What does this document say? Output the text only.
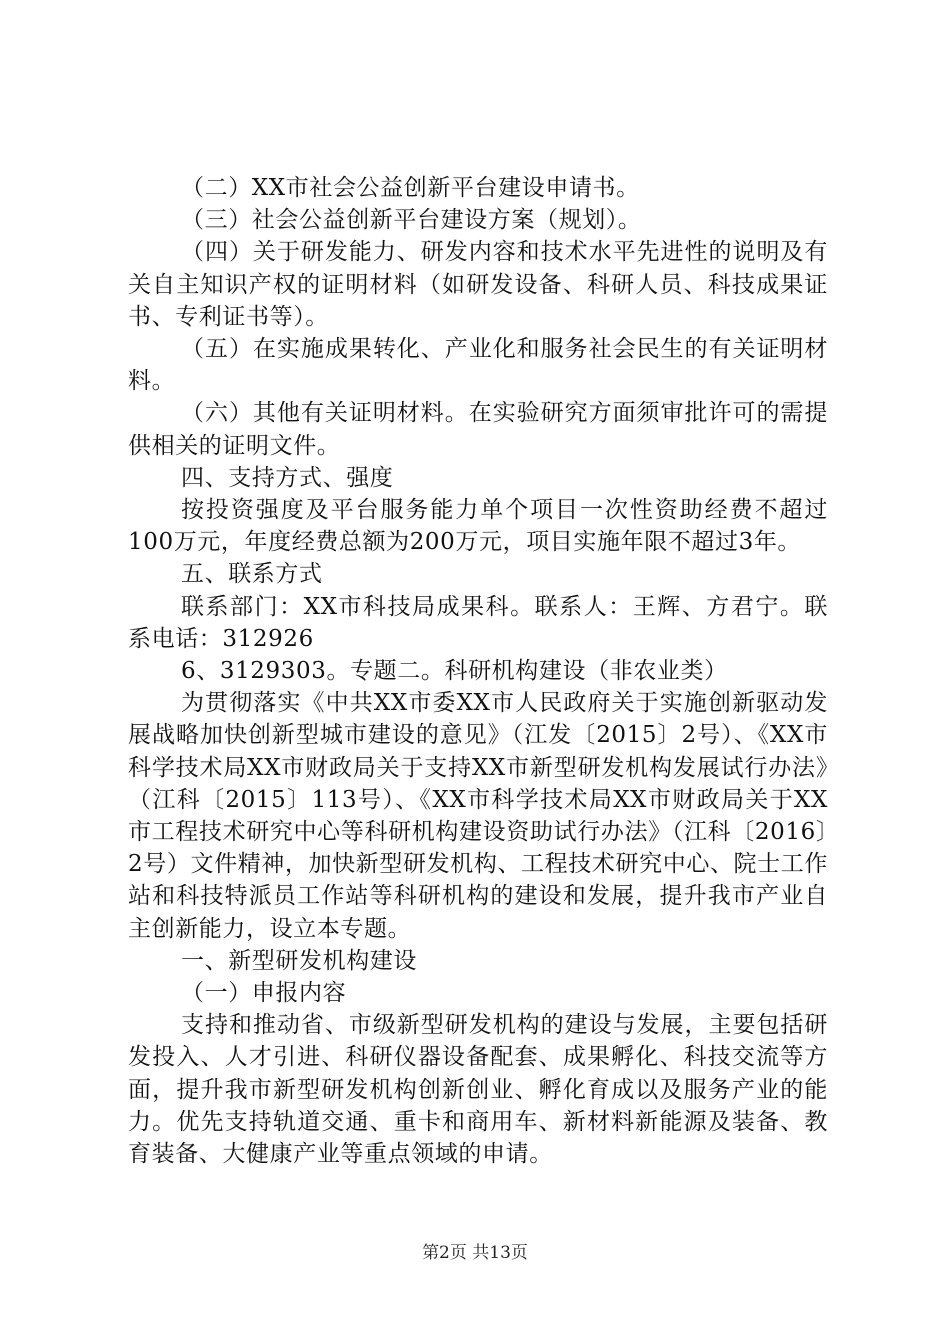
（二）XX市社会公益创新平台建设申请书。

（三）社会公益创新平台建设方案（规划）。

（四）关于研发能力、研发内容和技术水平先进性的说明及有关自主知识产权的证明材料（如研发设备、科研人员、科技成果证书、专利证书等）。

（五）在实施成果转化、产业化和服务社会民生的有关证明材料。

（六）其他有关证明材料。在实验研究方面须审批许可的需提供相关的证明文件。

四、支持方式、强度

按投资强度及平台服务能力单个项目一次性资助经费不超过100万元，年度经费总额为200万元，项目实施年限不超过3年。

五、联系方式

联系部门：XX市科技局成果科。联系人：王辉、方君宁。联系电话：312926

6、3129303。专题二。科研机构建设（非农业类）

为贯彻落实《中共XX市委XX市人民政府关于实施创新驱动发展战略加快创新型城市建设的意见》（江发〔2015〕2号）、《XX市科学技术局XX市财政局关于支持XX市新型研发机构发展试行办法》（江科〔2015〕113号）、《XX市科学技术局XX市财政局关于XX市工程技术研究中心等科研机构建设资助试行办法》（江科〔2016〕2号）文件精神，加快新型研发机构、工程技术研究中心、院士工作站和科技特派员工作站等科研机构的建设和发展，提升我市产业自主创新能力，设立本专题。

一、新型研发机构建设

（一）申报内容

支持和推动省、市级新型研发机构的建设与发展，主要包括研发投入、人才引进、科研仪器设备配套、成果孵化、科技交流等方面，提升我市新型研发机构创新创业、孵化育成以及服务产业的能力。优先支持轨道交通、重卡和商用车、新材料新能源及装备、教育装备、大健康产业等重点领域的申请。

第2页 共13页
